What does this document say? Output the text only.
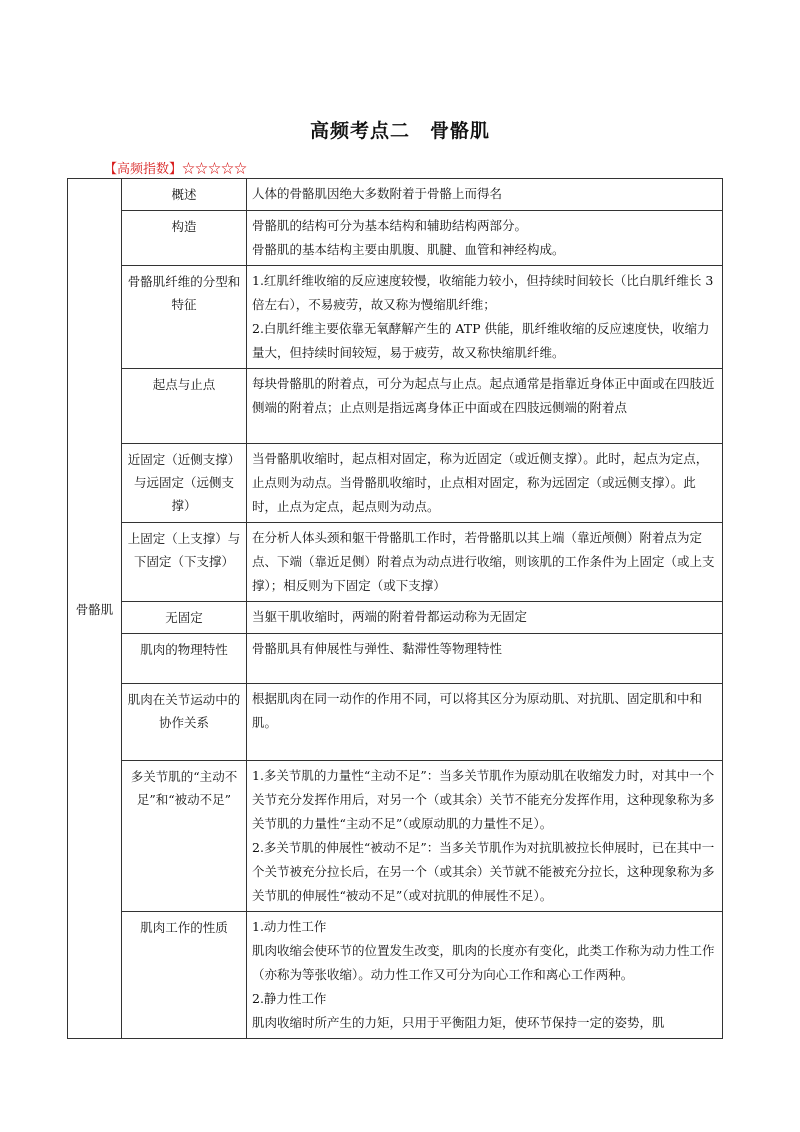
高频考点二　骨骼肌
【高频指数】☆☆☆☆☆
骨骼肌	概述	人体的骨骼肌因绝大多数附着于骨骼上而得名

	构造	骨骼肌的结构可分为基本结构和辅助结构两部分。
骨骼肌的基本结构主要由肌腹、肌腱、血管和神经构成。

	骨骼肌纤维的分型和特征	1.红肌纤维收缩的反应速度较慢，收缩能力较小，但持续时间较长（比白肌纤维长 3 倍左右），不易疲劳，故又称为慢缩肌纤维；
2.白肌纤维主要依靠无氧酵解产生的 ATP 供能，肌纤维收缩的反应速度快，收缩力量大，但持续时间较短，易于疲劳，故又称快缩肌纤维。

	起点与止点	每块骨骼肌的附着点，可分为起点与止点。起点通常是指靠近身体正中面或在四肢近侧端的附着点；止点则是指远离身体正中面或在四肢远侧端的附着点

	近固定（近侧支撑）与远固定（远侧支撑）	当骨骼肌收缩时，起点相对固定，称为近固定（或近侧支撑）。此时，起点为定点，止点则为动点。当骨骼肌收缩时，止点相对固定，称为远固定（或远侧支撑）。此时，止点为定点，起点则为动点。

	上固定（上支撑）与下固定（下支撑）	在分析人体头颈和躯干骨骼肌工作时，若骨骼肌以其上端（靠近颅侧）附着点为定点、下端（靠近足侧）附着点为动点进行收缩，则该肌的工作条件为上固定（或上支撑）；相反则为下固定（或下支撑）

	无固定	当躯干肌收缩时，两端的附着骨都运动称为无固定

	肌肉的物理特性	骨骼肌具有伸展性与弹性、黏滞性等物理特性

	肌肉在关节运动中的协作关系	根据肌肉在同一动作的作用不同，可以将其区分为原动肌、对抗肌、固定肌和中和肌。

	多关节肌的“主动不足”和“被动不足”	1.多关节肌的力量性“主动不足”：当多关节肌作为原动肌在收缩发力时，对其中一个关节充分发挥作用后，对另一个（或其余）关节不能充分发挥作用，这种现象称为多关节肌的力量性“主动不足”（或原动肌的力量性不足）。
2.多关节肌的伸展性“被动不足”：当多关节肌作为对抗肌被拉长伸展时，已在其中一个关节被充分拉长后，在另一个（或其余）关节就不能被充分拉长，这种现象称为多关节肌的伸展性“被动不足”（或对抗肌的伸展性不足）。

	肌肉工作的性质	1.动力性工作
肌肉收缩会使环节的位置发生改变，肌肉的长度亦有变化，此类工作称为动力性工作（亦称为等张收缩）。动力性工作又可分为向心工作和离心工作两种。
2.静力性工作
肌肉收缩时所产生的力矩，只用于平衡阻力矩，使环节保持一定的姿势，肌
